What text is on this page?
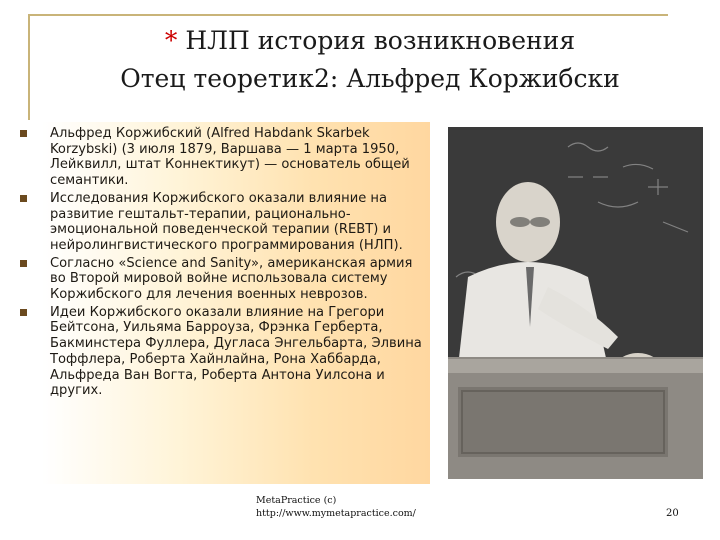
* НЛП история возникновения
Отец теоретик2: Альфред Коржибски
Альфред Коржибский (Alfred Habdank Skarbek Korzybski) (3 июля 1879, Варшава — 1 марта 1950, Лейквилл, штат Коннектикут) — основатель общей семантики.
Исследования Коржибского оказали влияние на развитие гештальт-терапии, рационально-эмоциональной поведенческой терапии (REBT) и нейролингвистического программирования (НЛП).
Согласно «Science and Sanity», американская армия во Второй мировой войне использовала систему Коржибского для лечения военных неврозов.
Идеи Коржибского оказали влияние на Грегори Бейтсона, Уильяма Барроуза, Фрэнка Герберта, Бакминстера Фуллера, Дугласа Энгельбарта, Элвина Тоффлера, Роберта Хайнлайна, Рона Хаббарда, Альфреда Ван Вогта, Роберта Антона Уилсона и других.
MetaPractice (c)
http://www.mymetapractice.com/	20
